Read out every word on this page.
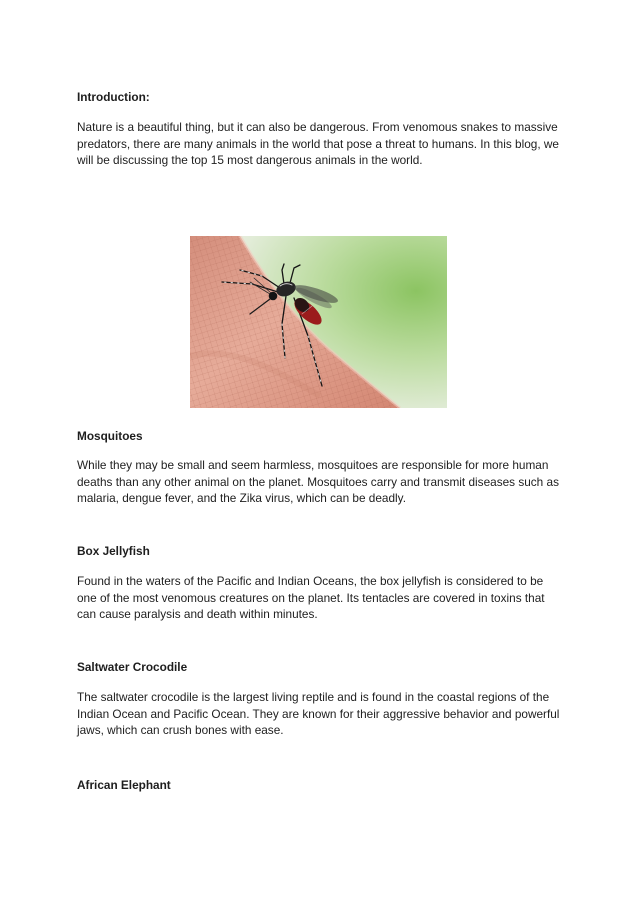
Introduction:
Nature is a beautiful thing, but it can also be dangerous. From venomous snakes to massive
predators, there are many animals in the world that pose a threat to humans. In this blog, we
will be discussing the top 15 most dangerous animals in the world.
Mosquitoes
While they may be small and seem harmless, mosquitoes are responsible for more human
deaths than any other animal on the planet. Mosquitoes carry and transmit diseases such as
malaria, dengue fever, and the Zika virus, which can be deadly.
Box Jellyfish
Found in the waters of the Pacific and Indian Oceans, the box jellyfish is considered to be
one of the most venomous creatures on the planet. Its tentacles are covered in toxins that
can cause paralysis and death within minutes.
Saltwater Crocodile
The saltwater crocodile is the largest living reptile and is found in the coastal regions of the
Indian Ocean and Pacific Ocean. They are known for their aggressive behavior and powerful
jaws, which can crush bones with ease.
African Elephant
